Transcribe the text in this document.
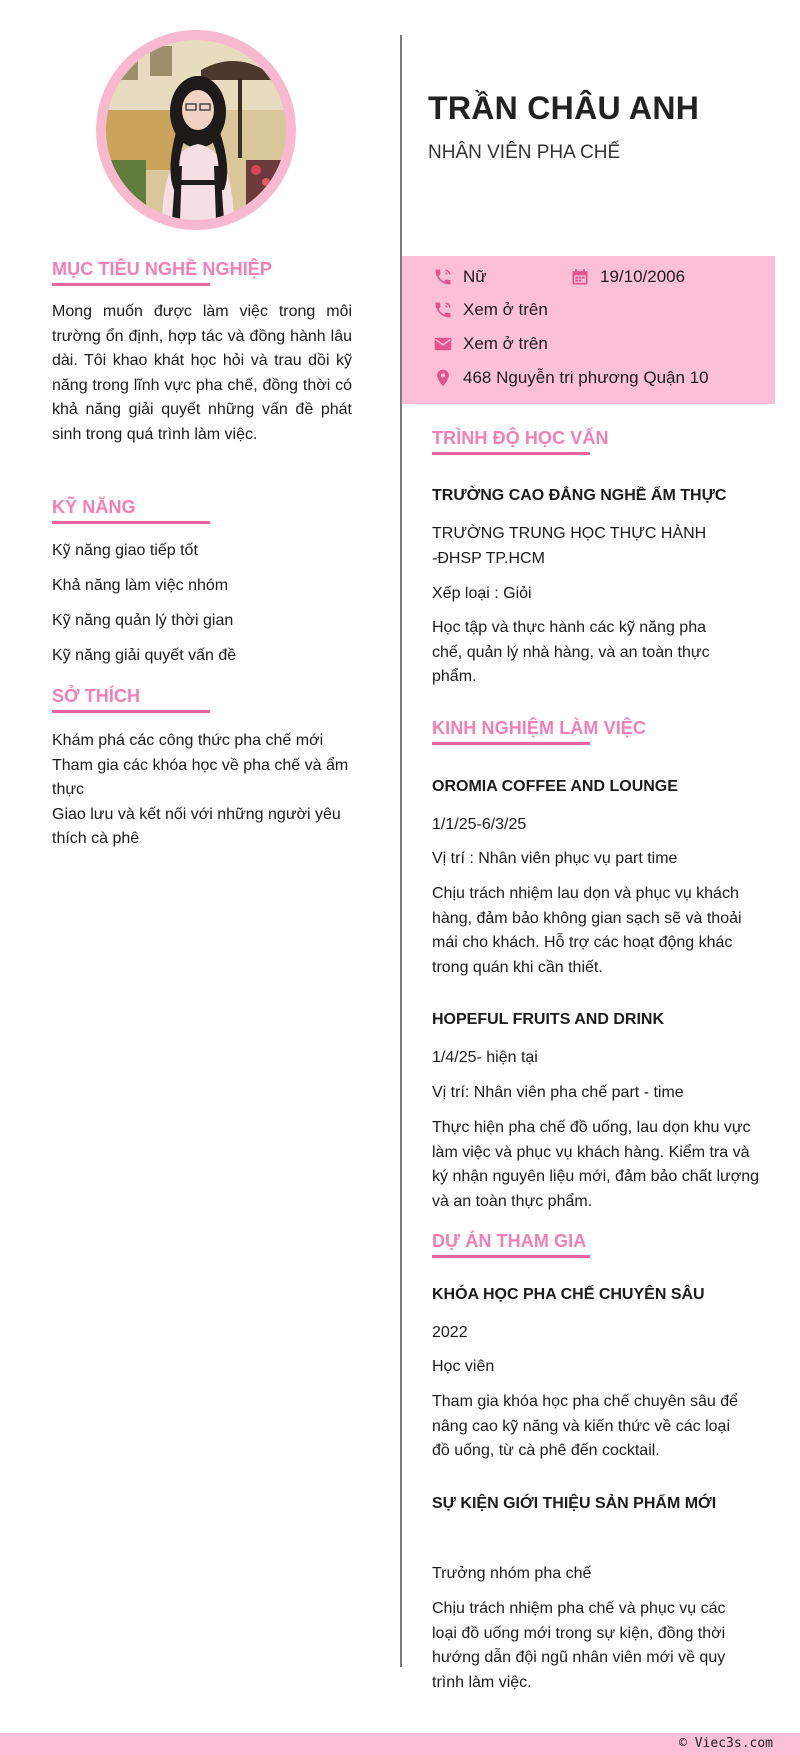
MỤC TIÊU NGHỀ NGHIỆP
Mong muốn được làm việc trong môi trường ổn định, hợp tác và đồng hành lâu dài. Tôi khao khát học hỏi và trau dồi kỹ năng trong lĩnh vực pha chế, đồng thời có khả năng giải quyết những vấn đề phát sinh trong quá trình làm việc.
KỸ NĂNG
Kỹ năng giao tiếp tốt
Khả năng làm việc nhóm
Kỹ năng quản lý thời gian
Kỹ năng giải quyết vấn đề
SỞ THÍCH
Khám phá các công thức pha chế mới
Tham gia các khóa học về pha chế và ẩm thực
Giao lưu và kết nối với những người yêu thích cà phê
TRẦN CHÂU ANH
NHÂN VIÊN PHA CHẾ
Nữ	19/10/2006
Xem ở trên
Xem ở trên
468 Nguyễn tri phương Quận 10
TRÌNH ĐỘ HỌC VẤN
TRƯỜNG CAO ĐẲNG NGHỀ ẨM THỰC
TRƯỜNG TRUNG HỌC THỰC HÀNH -ĐHSP TP.HCM
Xếp loại : Giỏi
Học tập và thực hành các kỹ năng pha chế, quản lý nhà hàng, và an toàn thực phẩm.
KINH NGHIỆM LÀM VIỆC
OROMIA COFFEE AND LOUNGE
1/1/25-6/3/25
Vị trí : Nhân viên phục vụ part time
Chịu trách nhiệm lau dọn và phục vụ khách hàng, đảm bảo không gian sạch sẽ và thoải mái cho khách. Hỗ trợ các hoạt động khác trong quán khi cần thiết.
HOPEFUL FRUITS AND DRINK
1/4/25- hiện tại
Vị trí: Nhân viên pha chế part - time
Thực hiện pha chế đồ uống, lau dọn khu vực làm việc và phục vụ khách hàng. Kiểm tra và ký nhận nguyên liệu mới, đảm bảo chất lượng và an toàn thực phẩm.
DỰ ÁN THAM GIA
KHÓA HỌC PHA CHẾ CHUYÊN SÂU
2022
Học viên
Tham gia khóa học pha chế chuyên sâu để nâng cao kỹ năng và kiến thức về các loại đồ uống, từ cà phê đến cocktail.
SỰ KIỆN GIỚI THIỆU SẢN PHẨM MỚI
Trưởng nhóm pha chế
Chịu trách nhiệm pha chế và phục vụ các loại đồ uống mới trong sự kiện, đồng thời hướng dẫn đội ngũ nhân viên mới về quy trình làm việc.
© Viec3s.com
